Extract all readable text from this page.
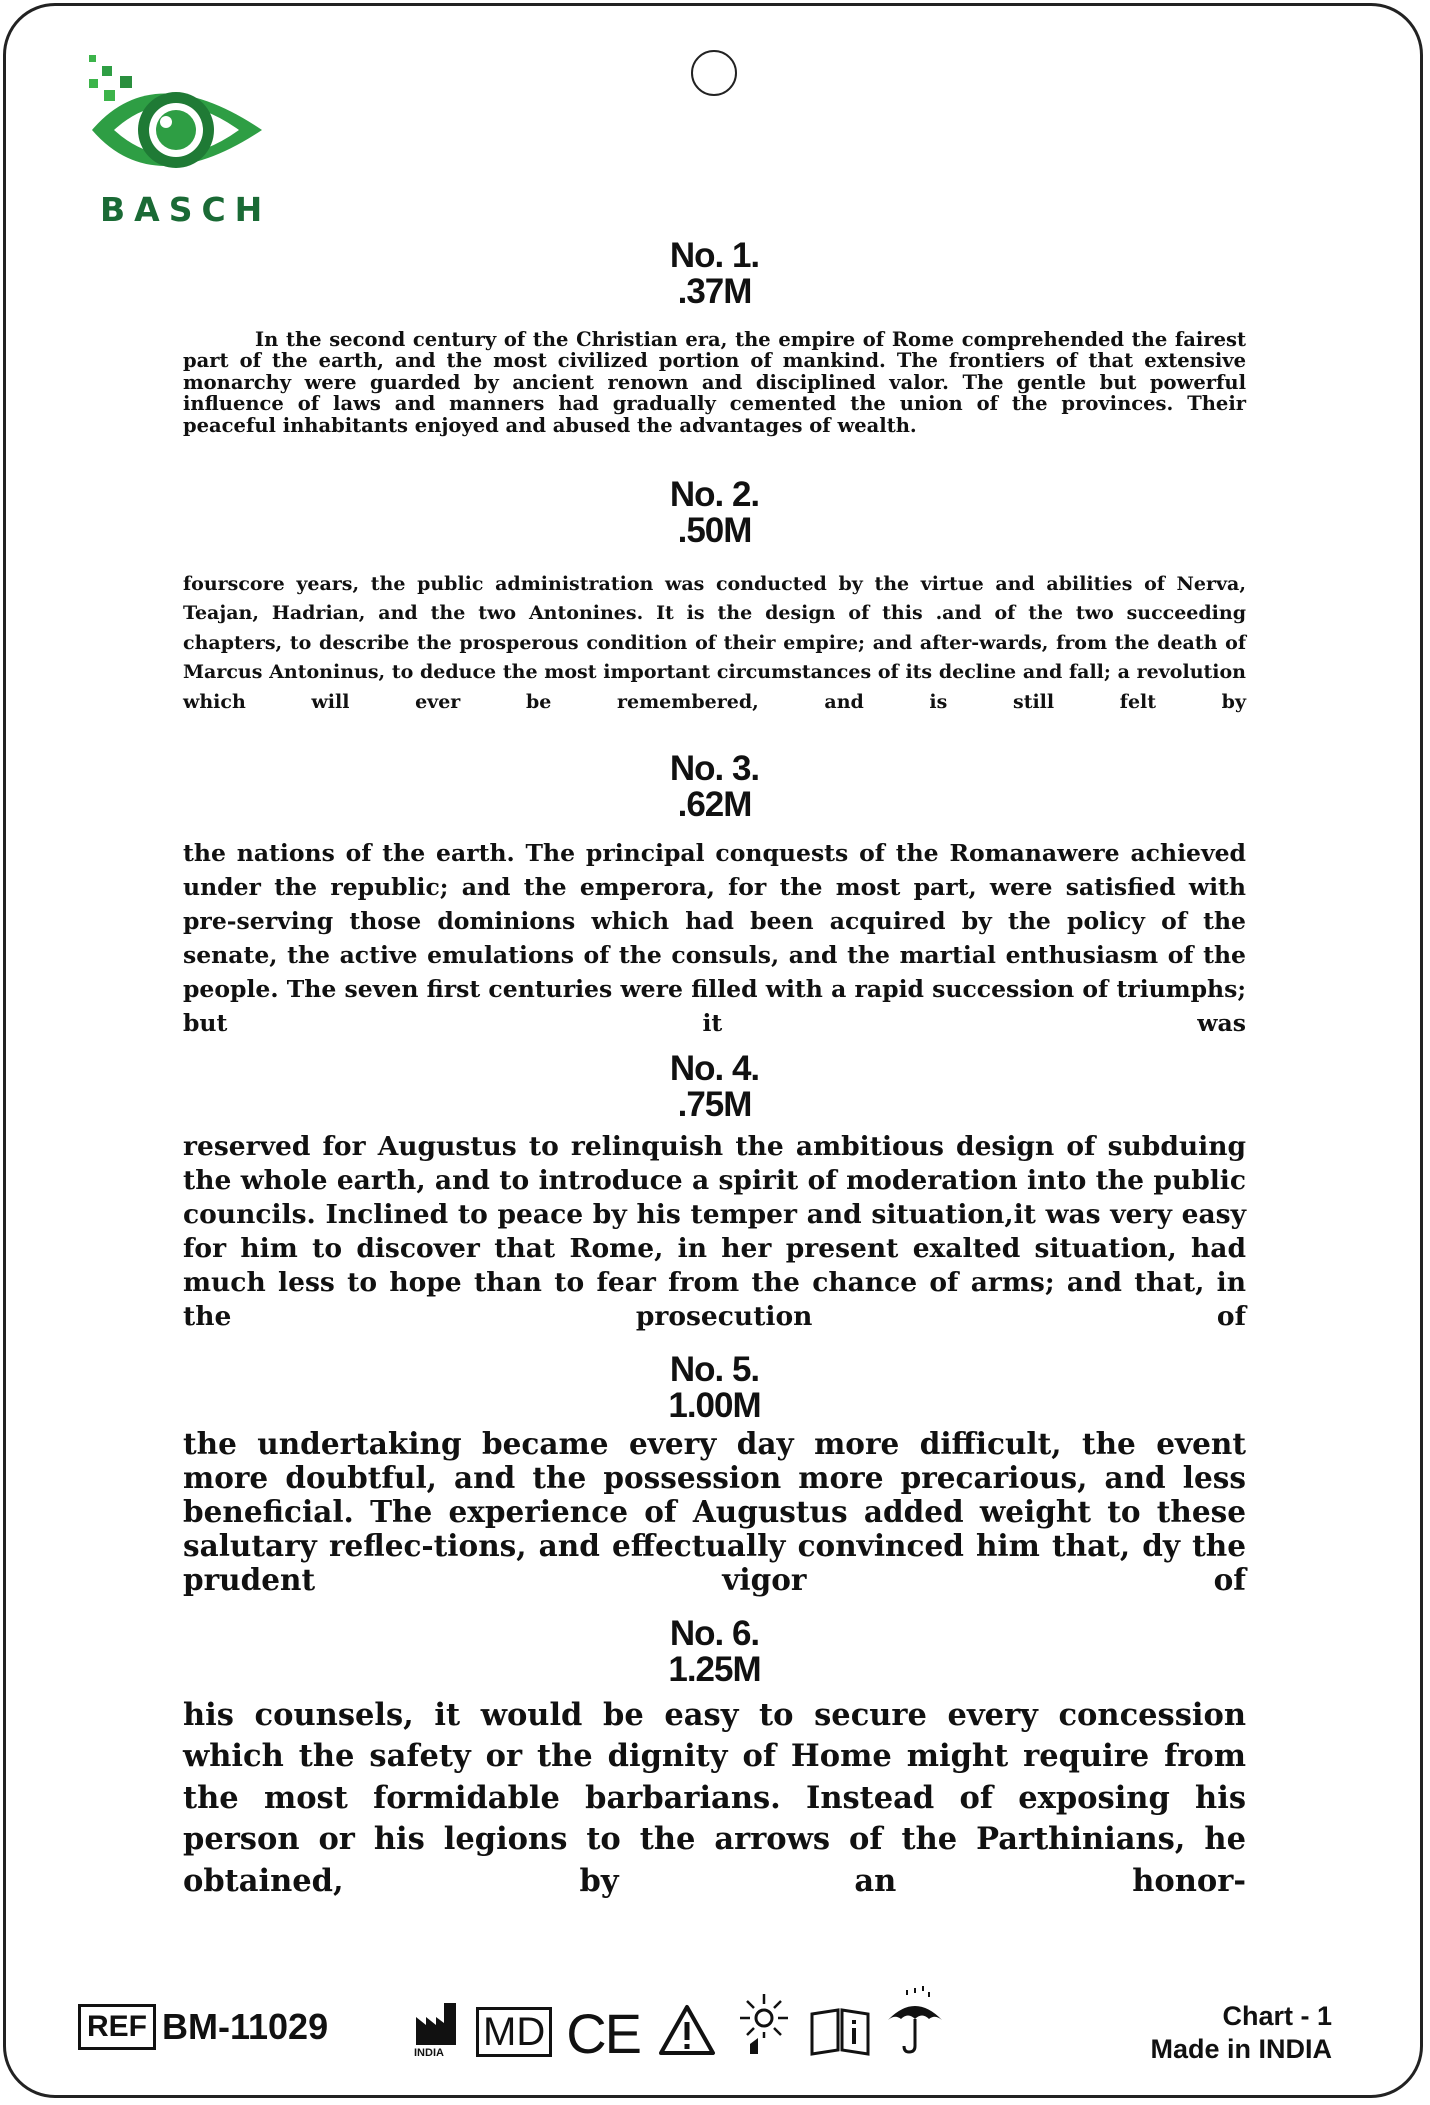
BASCH
No. 1.
.37M
In the second century of the Christian era, the empire of Rome comprehended the fairest part of the earth, and the most civilized portion of mankind. The frontiers of that extensive monarchy were guarded by ancient renown and disciplined valor. The gentle but powerful influence of laws and manners had gradually cemented the union of the provinces. Their peaceful inhabitants enjoyed and abused the advantages of wealth.
No. 2.
.50M
fourscore years, the public administration was conducted by the virtue and abilities of Nerva, Teajan, Hadrian, and the two Antonines. It is the design of this .and of the two succeeding chapters, to describe the prosperous condition of their empire; and after-wards, from the death of Marcus Antoninus, to deduce the most important circumstances of its decline and fall; a revolution which will ever be remembered, and is still felt by
No. 3.
.62M
the nations of the earth. The principal conquests of the Romanawere achieved under the republic; and the emperora, for the most part, were satisfied with pre-serving those dominions which had been acquired by the policy of the senate, the active emulations of the consuls, and the martial enthusiasm of the people. The seven first centuries were filled with a rapid succession of triumphs; but it was
No. 4.
.75M
reserved for Augustus to relinquish the ambitious design of subduing the whole earth, and to introduce a spirit of moderation into the public councils. Inclined to peace by his temper and situation,it was very easy for him to discover that Rome, in her present exalted situation, had much less to hope than to fear from the chance of arms; and that, in the prosecution of
No. 5.
1.00M
the undertaking became every day more difficult, the event more doubtful, and the possession more precarious, and less beneficial. The experience of Augustus added weight to these salutary reflec-tions, and effectually convinced him that, dy the prudent vigor of
No. 6.
1.25M
his counsels, it would be easy to secure every concession which the safety or the dignity of Home might require from the most formidable barbarians. Instead of exposing his person or his legions to the arrows of the Parthinians, he obtained, by an honor-
REF BM-11029
INDIA MD CE	Chart - 1
Made in INDIA
